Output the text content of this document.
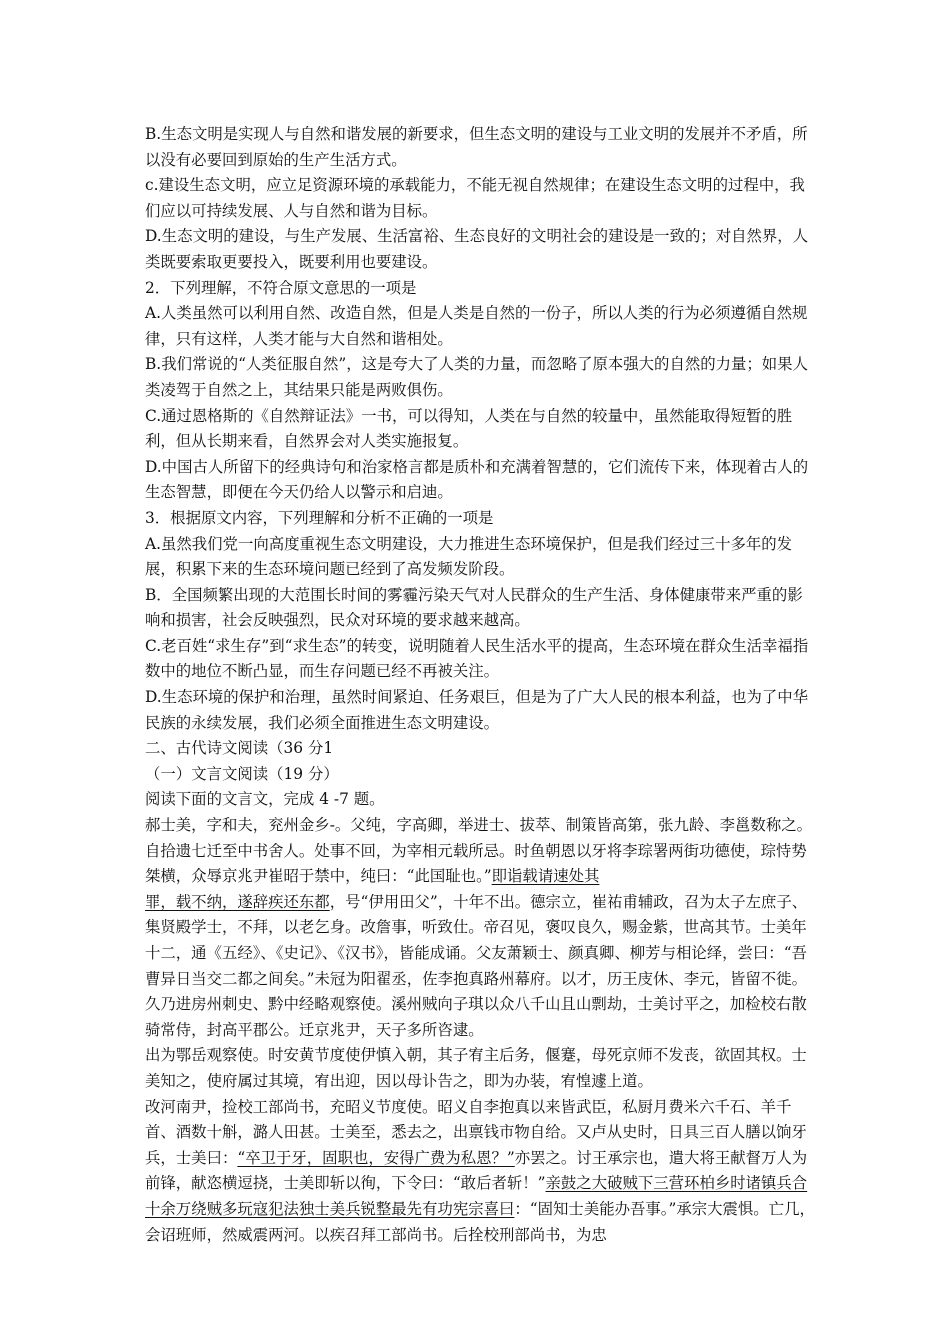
B.生态文明是实现人与自然和谐发展的新要求，但生态文明的建设与工业文明的发展并不矛盾，所以没有必要回到原始的生产生活方式。

c.建设生态文明，应立足资源环境的承载能力，不能无视自然规律；在建设生态文明的过程中，我们应以可持续发展、人与自然和谐为目标。

D.生态文明的建设，与生产发展、生活富裕、生态良好的文明社会的建设是一致的；对自然界，人类既要索取更要投入，既要利用也要建设。

2．下列理解，不符合原文意思的一项是

A.人类虽然可以利用自然、改造自然，但是人类是自然的一份子，所以人类的行为必须遵循自然规律，只有这样，人类才能与大自然和谐相处。

B.我们常说的“人类征服自然”，这是夸大了人类的力量，而忽略了原本强大的自然的力量；如果人类凌驾于自然之上，其结果只能是两败俱伤。

C.通过恩格斯的《自然辩证法》一书，可以得知，人类在与自然的较量中，虽然能取得短暂的胜利，但从长期来看，自然界会对人类实施报复。

D.中国古人所留下的经典诗句和治家格言都是质朴和充满着智慧的，它们流传下来，体现着古人的生态智慧，即便在今天仍给人以警示和启迪。

3．根据原文内容，下列理解和分析不正确的一项是

A.虽然我们党一向高度重视生态文明建设，大力推进生态环境保护，但是我们经过三十多年的发展，积累下来的生态环境问题已经到了高发频发阶段。

B．全国频繁出现的大范围长时间的雾霾污染天气对人民群众的生产生活、身体健康带来严重的影响和损害，社会反映强烈，民众对环境的要求越来越高。

C.老百姓“求生存”到“求生态”的转变，说明随着人民生活水平的提高，生态环境在群众生活幸福指数中的地位不断凸显，而生存问题已经不再被关注。

D.生态环境的保护和治理，虽然时间紧迫、任务艰巨，但是为了广大人民的根本利益，也为了中华民族的永续发展，我们必须全面推进生态文明建设。

二、古代诗文阅读（36 分1

（一）文言文阅读（19 分）

阅读下面的文言文，完成 4 -7 题。

郝士美，字和夫，兖州金乡-。父纯，字高卿，举进士、拔萃、制策皆高第，张九龄、李邕数称之。自拾遗七迁至中书舍人。处事不回，为宰相元载所忌。时鱼朝恩以牙将李琮署两街功德使，琮恃势桀横，众辱京兆尹崔昭于禁中，纯曰：“此国耻也。”即诣载请速处其
罪，载不纳，遂辞疾还东都，号“伊用田父”，十年不出。德宗立，崔祐甫辅政，召为太子左庶子、集贤殿学士，不拜，以老乞身。改詹事，听致仕。帝召见，褒叹良久，赐金紫，世高其节。士美年十二，通《五经》、《史记》、《汉书》，皆能成诵。父友萧颖士、颜真卿、柳芳与相论绎，尝曰：“吾曹异日当交二都之间矣。”未冠为阳翟丞，佐李抱真路州幕府。以才，历王庋休、李元，皆留不徙。久乃进房州刺史、黔中经略观察使。溪州贼向子琪以众八千山且山剽劫，士美讨平之，加检校右散骑常侍，封高平郡公。迁京兆尹，天子多所咨逮。

出为鄂岳观察使。时安黄节度使伊慎入朝，其子宥主后务，偃蹇，母死京师不发丧，欲固其权。士美知之，使府属过其境，宥出迎，因以母讣告之，即为办装，宥惶遽上道。

改河南尹，捡校工部尚书，充昭义节度使。昭义自李抱真以来皆武臣，私厨月费米六千石、羊千首、酒数十斛，潞人田甚。士美至，悉去之，出禀钱市物自给。又卢从史时，日具三百人膳以饷牙兵，士美曰：“卒卫于牙，固职也，安得广费为私恩？”亦罢之。讨王承宗也，遣大将王献督万人为前锋，献恣横逗挠，士美即斩以徇，下令曰：“敢后者斩！”亲鼓之大破贼下三营环柏乡时诸镇兵合十余万绕贼多玩寇犯法独士美兵锐整最先有功宪宗喜曰：“固知士美能办吾事。”承宗大震惧。亡几，会诏班师，然威震两河。以疾召拜工部尚书。后拴校刑部尚书，为忠
